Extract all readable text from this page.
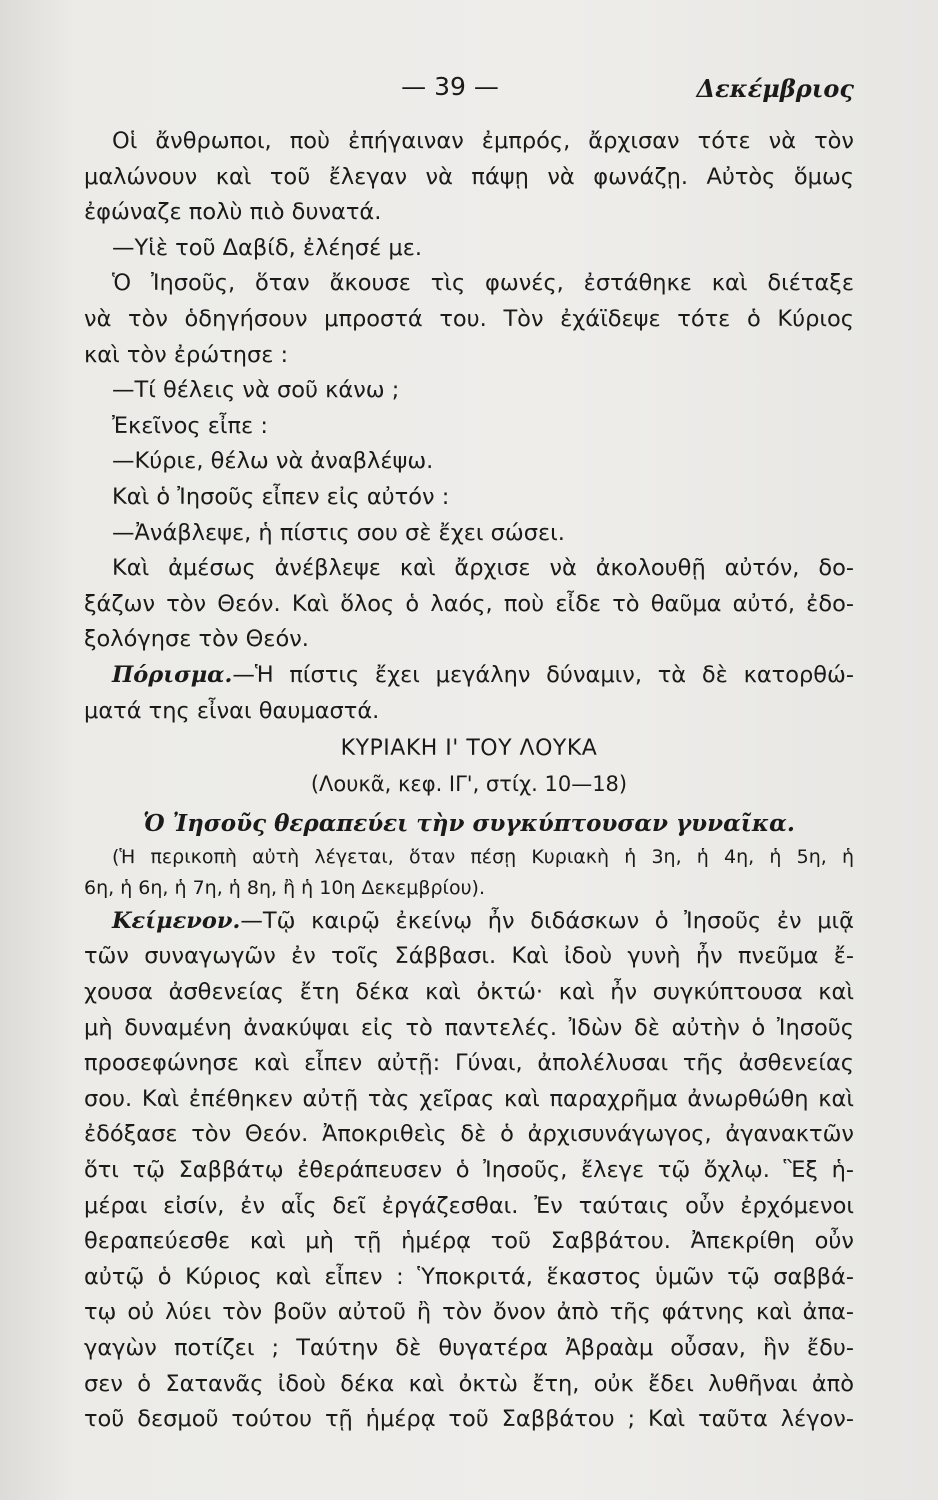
— 39 —	Δεκέμβριος

Οἱ ἄνθρωποι, ποὺ ἐπήγαιναν ἐμπρός, ἄρχισαν τότε νὰ τὸν

μαλώνουν καὶ τοῦ ἔλεγαν νὰ πάψῃ νὰ φωνάζῃ. Αὐτὸς ὅμως

ἐφώναζε πολὺ πιὸ δυνατά.

—Υἱὲ τοῦ Δαβίδ, ἐλέησέ με.

Ὁ Ἰησοῦς, ὅταν ἄκουσε τὶς φωνές, ἐστάθηκε καὶ διέταξε

νὰ τὸν ὁδηγήσουν μπροστά του. Τὸν ἐχάϊδεψε τότε ὁ Κύριος

καὶ τὸν ἐρώτησε :

—Τί θέλεις νὰ σοῦ κάνω ;

Ἐκεῖνος εἶπε :

—Κύριε, θέλω νὰ ἀναβλέψω.

Καὶ ὁ Ἰησοῦς εἶπεν εἰς αὐτόν :

—Ἀνάβλεψε, ἡ πίστις σου σὲ ἔχει σώσει.

Καὶ ἀμέσως ἀνέβλεψε καὶ ἄρχισε νὰ ἀκολουθῇ αὐτόν, δο-

ξάζων τὸν Θεόν. Καὶ ὅλος ὁ λαός, ποὺ εἶδε τὸ θαῦμα αὐτό, ἐδο-

ξολόγησε τὸν Θεόν.

Πόρισμα.—Ἡ πίστις ἔχει μεγάλην δύναμιν, τὰ δὲ κατορθώ-

ματά της εἶναι θαυμαστά.

ΚΥΡΙΑΚΗ Ι' ΤΟΥ ΛΟΥΚΑ

(Λουκᾶ, κεφ. ΙΓ', στίχ. 10—18)

Ὁ Ἰησοῦς θεραπεύει τὴν συγκύπτουσαν γυναῖκα.

(Ἡ περικοπὴ αὐτὴ λέγεται, ὅταν πέσῃ Κυριακὴ ἡ 3η, ἡ 4η, ἡ 5η, ἡ

6η, ἡ 6η, ἡ 7η, ἡ 8η, ἢ ἡ 10η Δεκεμβρίου).

Κείμενον.—Τῷ καιρῷ ἐκείνῳ ἦν διδάσκων ὁ Ἰησοῦς ἐν μιᾷ

τῶν συναγωγῶν ἐν τοῖς Σάββασι. Καὶ ἰδοὺ γυνὴ ἦν πνεῦμα ἔ-

χουσα ἀσθενείας ἔτη δέκα καὶ ὀκτώ· καὶ ἦν συγκύπτουσα καὶ

μὴ δυναμένη ἀνακύψαι εἰς τὸ παντελές. Ἰδὼν δὲ αὐτὴν ὁ Ἰησοῦς

προσεφώνησε καὶ εἶπεν αὐτῇ: Γύναι, ἀπολέλυσαι τῆς ἀσθενείας

σου. Καὶ ἐπέθηκεν αὐτῇ τὰς χεῖρας καὶ παραχρῆμα ἀνωρθώθη καὶ

ἐδόξασε τὸν Θεόν. Ἀποκριθεὶς δὲ ὁ ἀρχισυνάγωγος, ἀγανακτῶν

ὅτι τῷ Σαββάτῳ ἐθεράπευσεν ὁ Ἰησοῦς, ἔλεγε τῷ ὄχλῳ. Ἓξ ἡ-

μέραι εἰσίν, ἐν αἷς δεῖ ἐργάζεσθαι. Ἐν ταύταις οὖν ἐρχόμενοι

θεραπεύεσθε καὶ μὴ τῇ ἡμέρᾳ τοῦ Σαββάτου. Ἀπεκρίθη οὖν

αὐτῷ ὁ Κύριος καὶ εἶπεν : Ὑποκριτά, ἕκαστος ὑμῶν τῷ σαββά-

τῳ οὐ λύει τὸν βοῦν αὐτοῦ ἢ τὸν ὄνον ἀπὸ τῆς φάτνης καὶ ἀπα-

γαγὼν ποτίζει ; Ταύτην δὲ θυγατέρα Ἀβραὰμ οὖσαν, ἣν ἔδυ-

σεν ὁ Σατανᾶς ἰδοὺ δέκα καὶ ὀκτὼ ἔτη, οὐκ ἔδει λυθῆναι ἀπὸ

τοῦ δεσμοῦ τούτου τῇ ἡμέρᾳ τοῦ Σαββάτου ; Καὶ ταῦτα λέγον-
